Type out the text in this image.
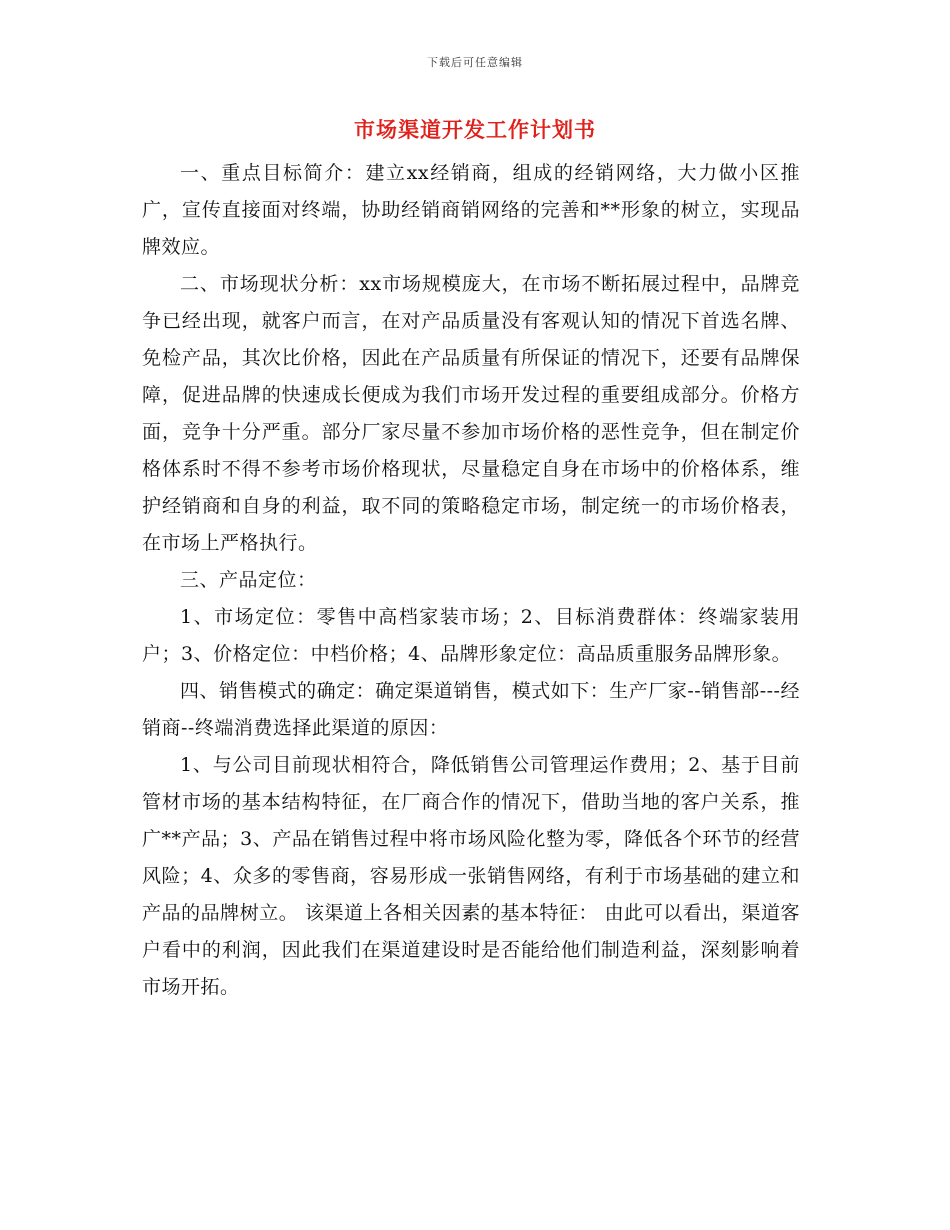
下载后可任意编辑
市场渠道开发工作计划书

一、重点目标简介：建立xx经销商，组成的经销网络，大力做小区推广，宣传直接面对终端，协助经销商销网络的完善和**形象的树立，实现品牌效应。

二、市场现状分析：xx市场规模庞大，在市场不断拓展过程中，品牌竞争已经出现，就客户而言，在对产品质量没有客观认知的情况下首选名牌、免检产品，其次比价格，因此在产品质量有所保证的情况下，还要有品牌保障，促进品牌的快速成长便成为我们市场开发过程的重要组成部分。价格方面，竞争十分严重。部分厂家尽量不参加市场价格的恶性竞争，但在制定价格体系时不得不参考市场价格现状，尽量稳定自身在市场中的价格体系，维护经销商和自身的利益，取不同的策略稳定市场，制定统一的市场价格表，在市场上严格执行。

三、产品定位：

1、市场定位：零售中高档家装市场；2、目标消费群体：终端家装用户；3、价格定位：中档价格；4、品牌形象定位：高品质重服务品牌形象。

四、销售模式的确定：确定渠道销售，模式如下：生产厂家--销售部---经销商--终端消费选择此渠道的原因：

1、与公司目前现状相符合，降低销售公司管理运作费用；2、基于目前管材市场的基本结构特征，在厂商合作的情况下，借助当地的客户关系，推广**产品；3、产品在销售过程中将市场风险化整为零，降低各个环节的经营风险；4、众多的零售商，容易形成一张销售网络，有利于市场基础的建立和产品的品牌树立。 该渠道上各相关因素的基本特征： 由此可以看出，渠道客户看中的利润，因此我们在渠道建设时是否能给他们制造利益，深刻影响着市场开拓。
